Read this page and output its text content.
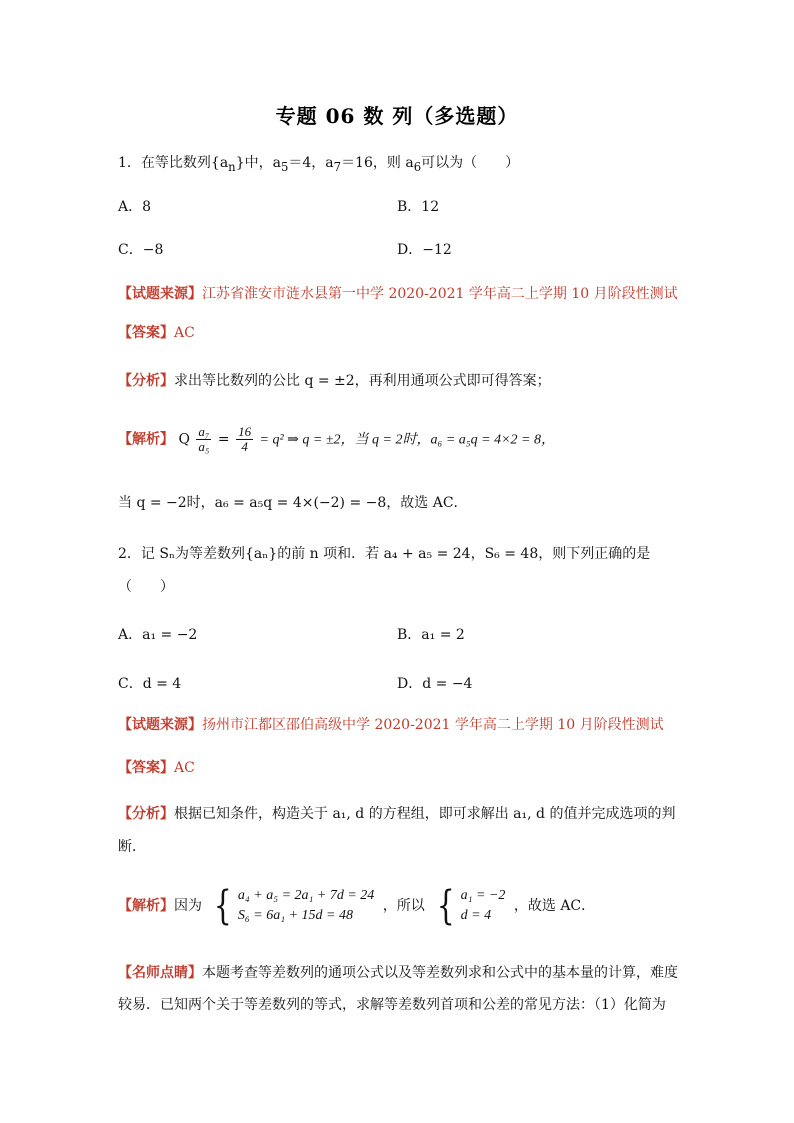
专题 06 数 列（多选题）
1．在等比数列$\{a_n\}$中，$a_5=4$，$a_7=16$，则 $a_6$可以为（　　）
A．8	B．12
C．−8	D．−12
【试题来源】江苏省淮安市涟水县第一中学 2020-2021 学年高二上学期 10 月阶段性测试
【答案】AC
【分析】求出等比数列的公比 q = ±2，再利用通项公式即可得答案；
【解析】 Q $\frac{\text{a₇}}{\text{a₅}} = \frac{16}{4} = q^2$ ⇒ q = ±2，当 q = 2时，a₆ = a₅q = 4×2 = 8，
当 q = −2时，a₆ = a₅q = 4×(−2) = −8，故选 AC．
2．记 Sₙ为等差数列{aₙ}的前 n 项和．若 a₄ + a₅ = 24，S₆ = 48，则下列正确的是
（　　）
A．a₁ = −2	B．a₁ = 2
C．d = 4	D．d = −4
【试题来源】扬州市江都区邵伯高级中学 2020-2021 学年高二上学期 10 月阶段性测试
【答案】AC
【分析】根据已知条件，构造关于 a₁, d 的方程组，即可求解出 a₁, d 的值并完成选项的判
断．
【解析】因为 { a₄ + a₅ = 2a₁ + 7d = 24
S₆ = 6a₁ + 15d = 48
，所以 { a₁ = −2
d = 4
，故选 AC．
【名师点睛】本题考查等差数列的通项公式以及等差数列求和公式中的基本量的计算，难度
较易．已知两个关于等差数列的等式，求解等差数列首项和公差的常见方法：（1）化简为
